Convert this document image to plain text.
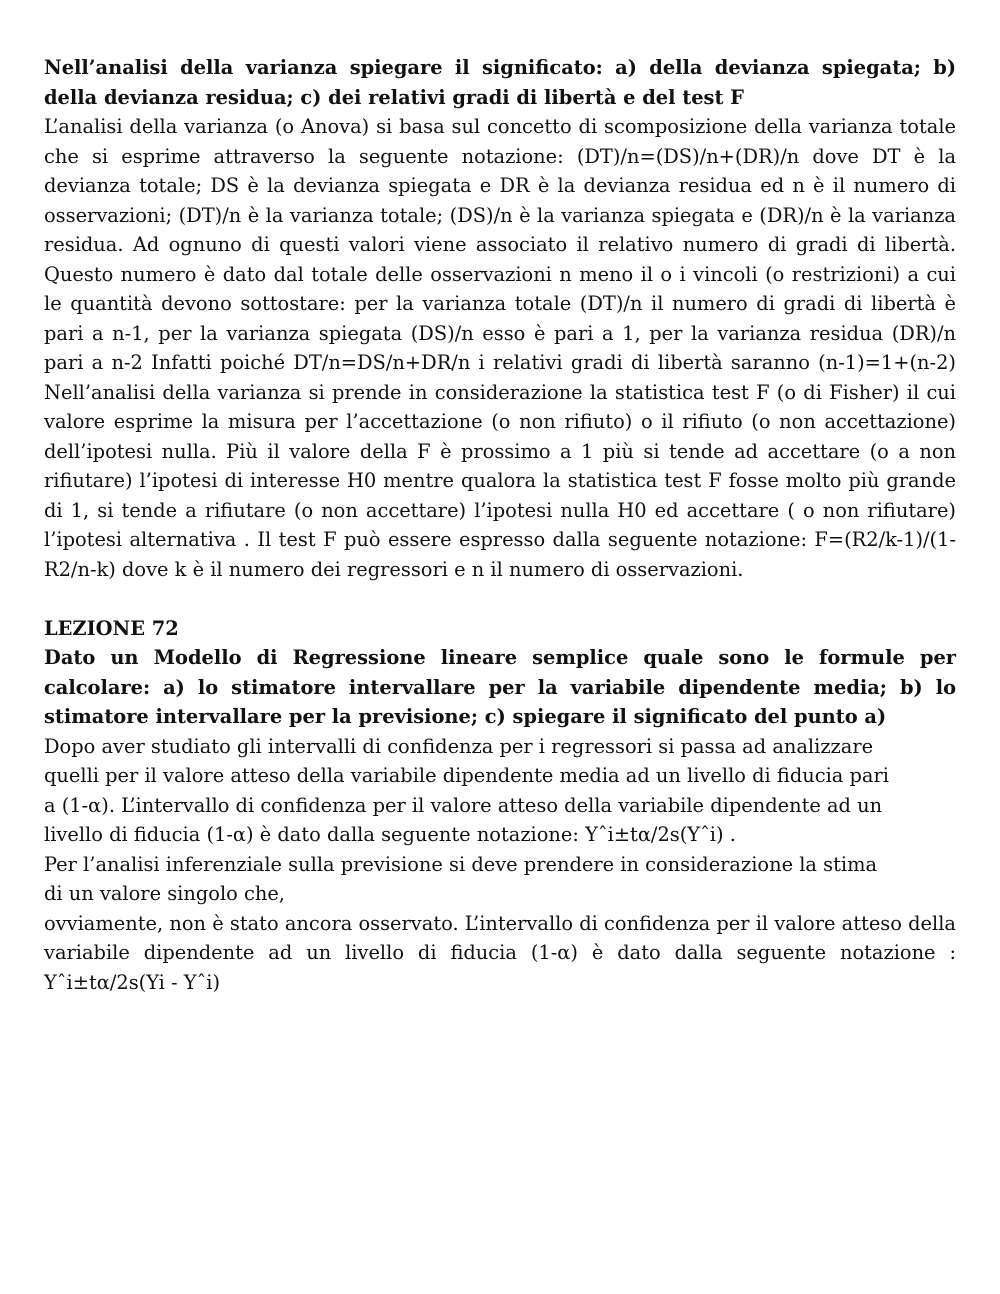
Nell’analisi della varianza spiegare il significato: a) della devianza spiegata; b) della devianza residua; c) dei relativi gradi di libertà e del test F

L’analisi della varianza (o Anova) si basa sul concetto di scomposizione della varianza totale che si esprime attraverso la seguente notazione: (DT)/n=(DS)/n+(DR)/n dove DT è la devianza totale; DS è la devianza spiegata e DR è la devianza residua ed n è il numero di osservazioni; (DT)/n è la varianza totale; (DS)/n è la varianza spiegata e (DR)/n è la varianza residua. Ad ognuno di questi valori viene associato il relativo numero di gradi di libertà. Questo numero è dato dal totale delle osservazioni n meno il o i vincoli (o restrizioni) a cui le quantità devono sottostare: per la varianza totale (DT)/n il numero di gradi di libertà è pari a n-1, per la varianza spiegata (DS)/n esso è pari a 1, per la varianza residua (DR)/n pari a n-2 Infatti poiché DT/n=DS/n+DR/n i relativi gradi di libertà saranno (n-1)=1+(n-2) Nell’analisi della varianza si prende in considerazione la statistica test F (o di Fisher) il cui valore esprime la misura per l’accettazione (o non rifiuto) o il rifiuto (o non accettazione) dell’ipotesi nulla. Più il valore della F è prossimo a 1 più si tende ad accettare (o a non rifiutare) l’ipotesi di interesse H0 mentre qualora la statistica test F fosse molto più grande di 1, si tende a rifiutare (o non accettare) l’ipotesi nulla H0 ed accettare ( o non rifiutare) l’ipotesi alternativa . Il test F può essere espresso dalla seguente notazione: F=(R2/k-1)/(1-R2/n-k) dove k è il numero dei regressori e n il numero di osservazioni.

LEZIONE 72

Dato un Modello di Regressione lineare semplice quale sono le formule per calcolare: a) lo stimatore intervallare per la variabile dipendente media; b) lo stimatore intervallare per la previsione; c) spiegare il significato del punto a)

Dopo aver studiato gli intervalli di confidenza per i regressori si passa ad analizzare
quelli per il valore atteso della variabile dipendente media ad un livello di fiducia pari
a (1-α). L’intervallo di confidenza per il valore atteso della variabile dipendente ad un
livello di fiducia (1-α) è dato dalla seguente notazione: Yˆi±tα/2s(Yˆi) .
Per l’analisi inferenziale sulla previsione si deve prendere in considerazione la stima
di un valore singolo che,

ovviamente, non è stato ancora osservato. L’intervallo di confidenza per il valore atteso della variabile dipendente ad un livello di fiducia (1-α) è dato dalla seguente notazione : Yˆi±tα/2s(Yi - Yˆi)
